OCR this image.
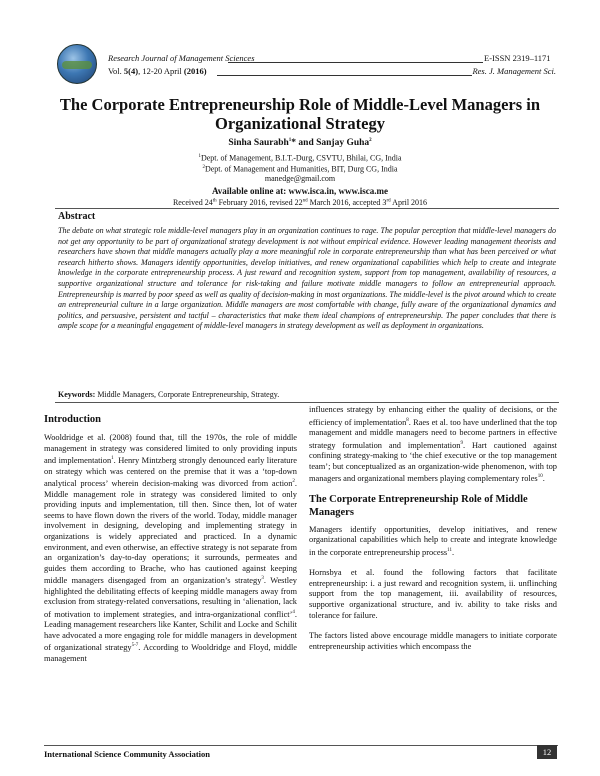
Research Journal of Management Sciences
Vol. 5(4), 12-20 April (2016)
E-ISSN 2319–1171
Res. J. Management Sci.
The Corporate Entrepreneurship Role of Middle-Level Managers in Organizational Strategy
Sinha Saurabh$^1$* and Sanjay Guha$^2$
$^1$Dept. of Management, B.I.T.-Durg, CSVTU, Bhilai, CG, India
$^2$Dept. of Management and Humanities, BIT, Durg CG, India
manedge@gmail.com
Available online at: www.isca.in, www.isca.me
Received 24th February 2016, revised 22nd March 2016, accepted 3rd April 2016
Abstract
The debate on what strategic role middle-level managers play in an organization continues to rage. The popular perception that middle-level managers do not get any opportunity to be part of organizational strategy development is not without empirical evidence. However leading management theorists and researchers have shown that middle managers actually play a more meaningful role in corporate entrepreneurship than what has been perceived or what research hitherto shows. Managers identify opportunities, develop initiatives, and renew organizational capabilities which help to create and integrate knowledge in the corporate entrepreneurship process. A just reward and recognition system, support from top management, availability of resources, a supportive organizational structure and tolerance for risk-taking and failure motivate middle managers to follow an entrepreneurial approach. Entrepreneurship is marred by poor speed as well as quality of decision-making in most organizations. The middle-level is the pivot around which to create an entrepreneurial culture in a large organization. Middle managers are most comfortable with change, fully aware of the organizational dynamics and politics, and persuasive, persistent and tactful – characteristics that make them ideal champions of entrepreneurship. The paper concludes that there is ample scope for a meaningful engagement of middle-level managers in strategy development as well as deployment in organizations.
Keywords: Middle Managers, Corporate Entrepreneurship, Strategy.
Introduction
Wooldridge et al. (2008) found that, till the 1970s, the role of middle management in strategy was considered limited to only providing inputs and implementation$^1$. Henry Mintzberg strongly denounced early literature on strategy which was centered on the premise that it was a ‘top-down analytical process’ wherein decision-making was divorced from action$^2$. Middle management role in strategy was considered limited to only providing inputs and implementation, till then. Since then, lot of water seems to have flown down the rivers of the world. Today, middle manager involvement in designing, developing and implementing strategy in organizations is widely appreciated and practiced. In a dynamic environment, and even otherwise, an effective strategy is not separate from an organization’s day-to-day operations; it surrounds, permeates and guides them according to Brache, who has cautioned against keeping middle managers disengaged from an organization’s strategy$^3$. Westley highlighted the debilitating effects of keeping middle managers away from exclusion from strategy-related conversations, resulting in ‘alienation, lack of motivation to implement strategies, and intra-organizational conflict’$^4$. Leading management researchers like Kanter, Schilit and Locke and Schilit have advocated a more engaging role for middle managers in development of organizational strategy$^{5-7}$. According to Wooldridge and Floyd, middle management

influences strategy by enhancing either the quality of decisions, or the efficiency of implementation$^8$. Raes et al. too have underlined that the top management and middle managers need to become partners in effective strategy formulation and implementation$^9$. Hart cautioned against confining strategy-making to ‘the chief executive or the top management team’; but conceptualized as an organization-wide phenomenon, with top managers and organizational members playing complementary roles$^{10}$.

The Corporate Entrepreneurship Role of Middle Managers

Managers identify opportunities, develop initiatives, and renew organizational capabilities which help to create and integrate knowledge in the corporate entrepreneurship process$^{11}$.

Hornsbya et al. found the following factors that facilitate entrepreneurship: i. a just reward and recognition system, ii. unflinching support from the top management, iii. availability of resources, supportive organizational structure, and iv. ability to take risks and tolerance for failure.

The factors listed above encourage middle managers to initiate corporate entrepreneurship activities which encompass the

International Science Community Association	12
